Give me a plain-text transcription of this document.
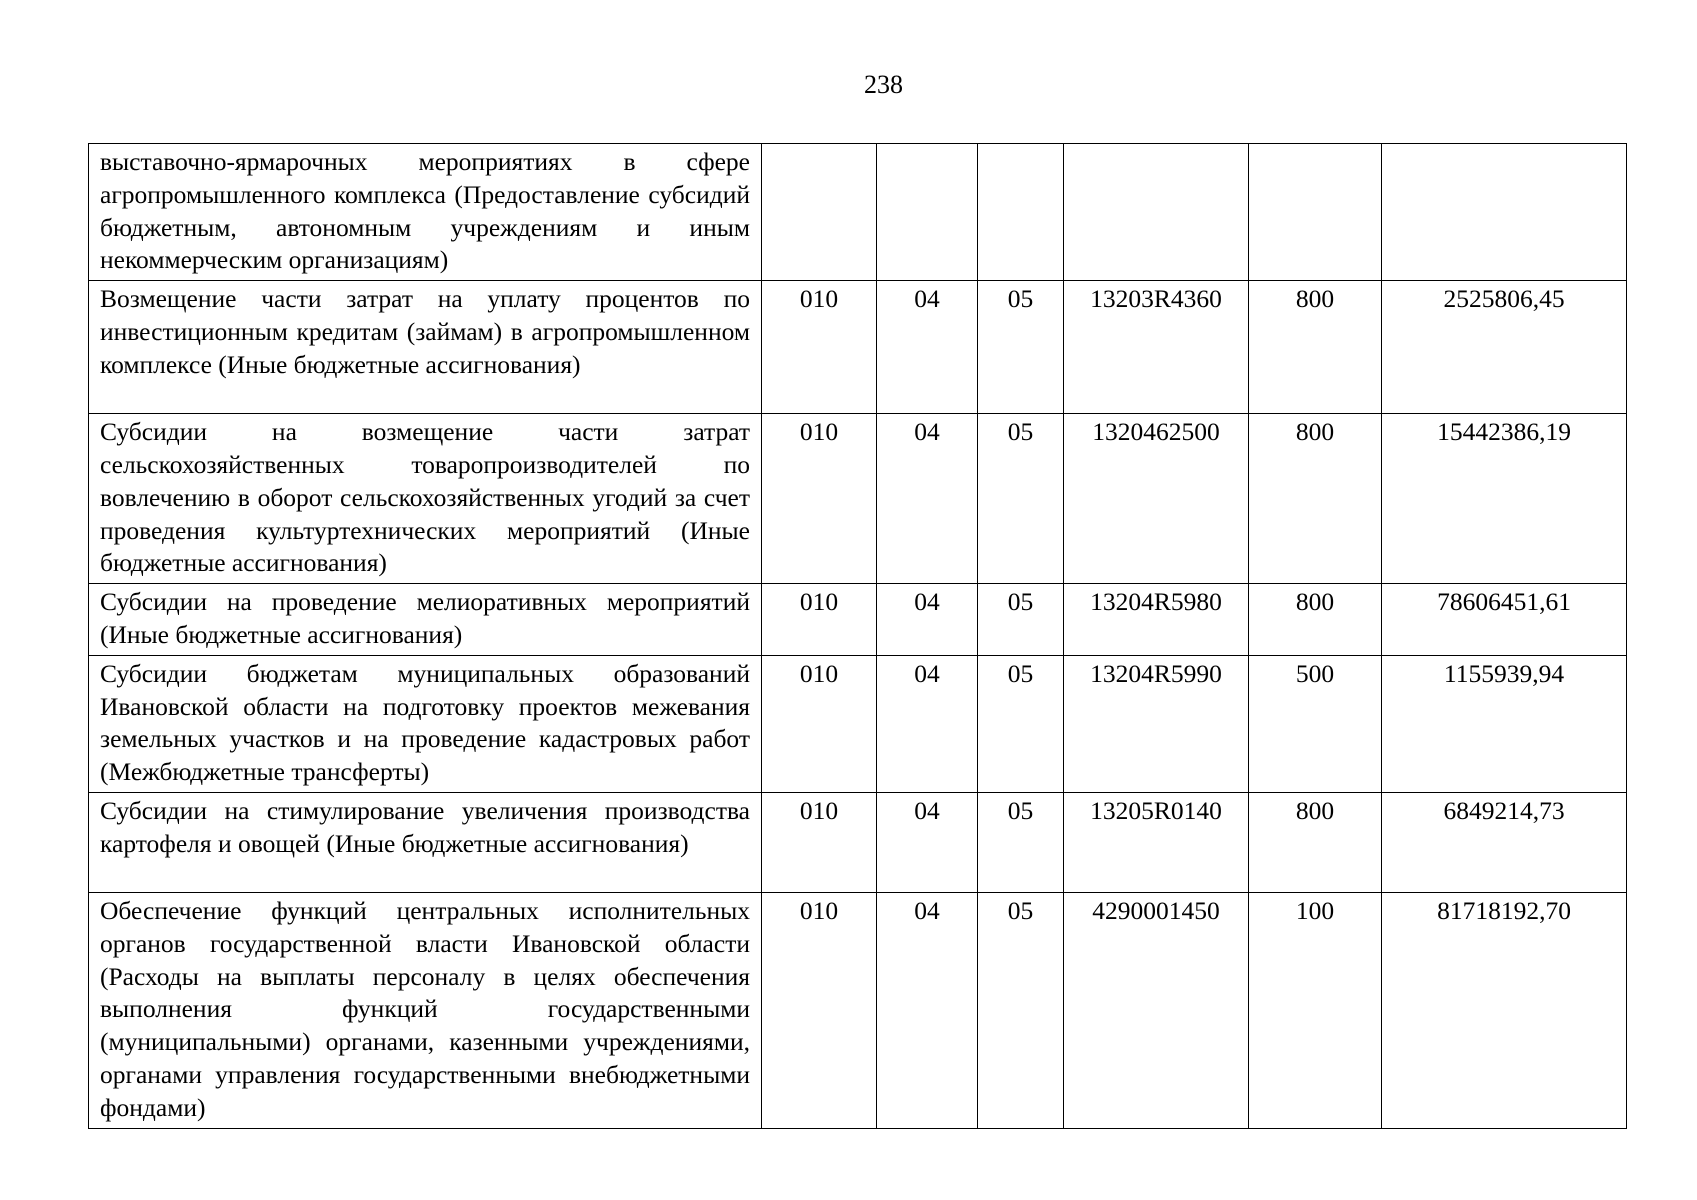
238
выставочно-ярмарочных мероприятиях в сфере агропромышленного комплекса (Предоставление субсидий бюджетным, автономным учреждениям и иным некоммерческим организациям)						
Возмещение части затрат на уплату процентов по инвестиционным кредитам (займам) в агропромышленном комплексе (Иные бюджетные ассигнования)	010	04	05	13203R4360	800	2525806,45
Субсидии на возмещение части затрат сельскохозяйственных товаропроизводителей по вовлечению в оборот сельскохозяйственных угодий за счет проведения культуртехнических мероприятий (Иные бюджетные ассигнования)	010	04	05	1320462500	800	15442386,19
Субсидии на проведение мелиоративных мероприятий (Иные бюджетные ассигнования)	010	04	05	13204R5980	800	78606451,61
Субсидии бюджетам муниципальных образований Ивановской области на подготовку проектов межевания земельных участков и на проведение кадастровых работ (Межбюджетные трансферты)	010	04	05	13204R5990	500	1155939,94
Субсидии на стимулирование увеличения производства картофеля и овощей (Иные бюджетные ассигнования)	010	04	05	13205R0140	800	6849214,73
Обеспечение функций центральных исполнительных органов государственной власти Ивановской области (Расходы на выплаты персоналу в целях обеспечения выполнения функций государственными (муниципальными) органами, казенными учреждениями, органами управления государственными внебюджетными фондами)	010	04	05	4290001450	100	81718192,70
